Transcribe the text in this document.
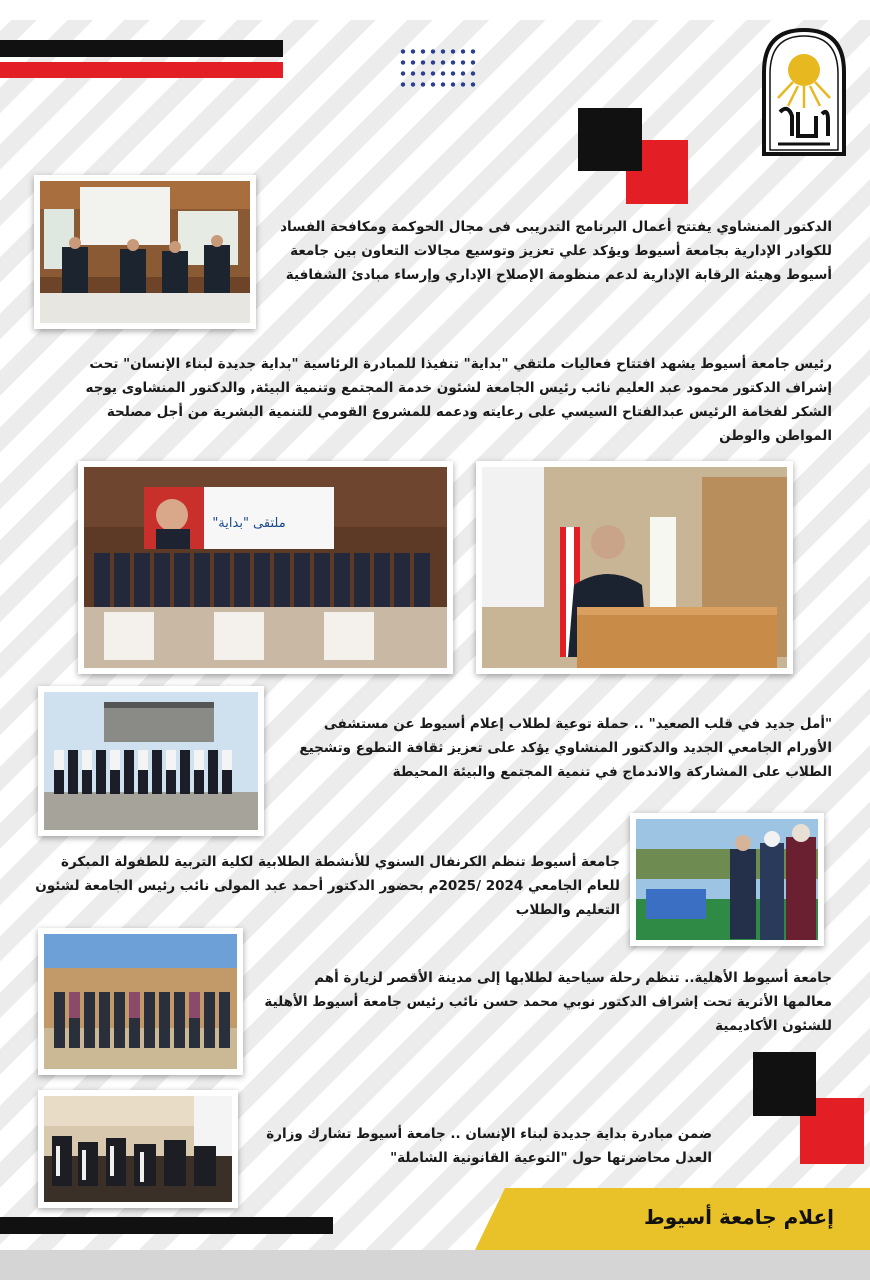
الدكتور المنشاوي يفتتح أعمال البرنامج التدريبى فى مجال الحوكمة ومكافحة الفساد للكوادر الإدارية بجامعة أسيوط ويؤكد علي تعزيز وتوسيع مجالات التعاون بين جامعة أسيوط وهيئة الرقابة الإدارية لدعم منظومة الإصلاح الإداري وإرساء مبادئ الشفافية
رئيس جامعة أسيوط يشهد افتتاح فعاليات ملتقي "بداية" تنفيذا للمبادرة الرئاسية "بداية جديدة لبناء الإنسان" تحت إشراف الدكتور محمود عبد العليم نائب رئيس الجامعة لشئون خدمة المجتمع وتنمية البيئة, والدكتور المنشاوى يوجه الشكر لفخامة الرئيس عبدالفتاح السيسي على رعايته ودعمه للمشروع القومي للتنمية البشرية من أجل مصلحة المواطن والوطن
ملتقى "بداية"
"أمل جديد في قلب الصعيد" .. حملة توعية لطلاب إعلام أسيوط عن مستشفى الأورام الجامعي الجديد والدكتور المنشاوي يؤكد على تعزيز ثقافة التطوع وتشجيع الطلاب على المشاركة والاندماج في تنمية المجتمع والبيئة المحيطة
جامعة أسيوط تنظم الكرنفال السنوي للأنشطة الطلابية لكلية التربية للطفولة المبكرة للعام الجامعي 2024 /2025م بحضور الدكتور أحمد عبد المولى نائب رئيس الجامعة لشئون التعليم والطلاب
جامعة أسيوط الأهلية.. تنظم رحلة سياحية لطلابها إلى مدينة الأقصر لزيارة أهم معالمها الأثرية تحت إشراف الدكتور نوبي محمد حسن نائب رئيس جامعة أسيوط الأهلية للشئون الأكاديمية
ضمن مبادرة بداية جديدة لبناء الإنسان .. جامعة أسيوط تشارك وزارة العدل محاضرتها حول "التوعية القانونية الشاملة"
إعلام جامعة أسيوط
